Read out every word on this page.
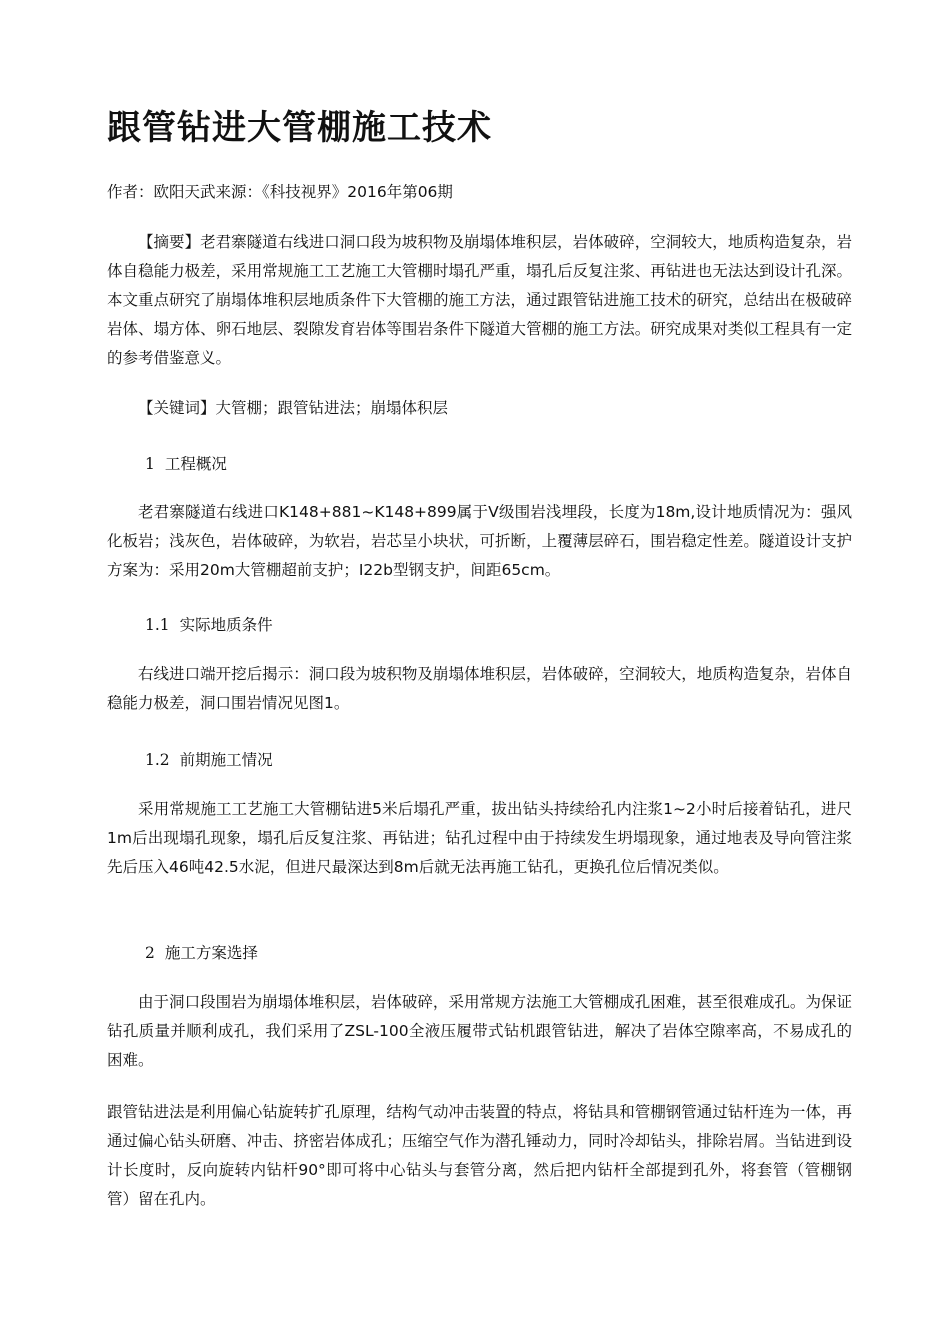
跟管钻进大管棚施工技术
作者：欧阳天武来源：《科技视界》2016年第06期

【摘要】老君寨隧道右线进口洞口段为坡积物及崩塌体堆积层，岩体破碎，空洞较大，地质构造复杂，岩体自稳能力极差，采用常规施工工艺施工大管棚时塌孔严重，塌孔后反复注浆、再钻进也无法达到设计孔深。本文重点研究了崩塌体堆积层地质条件下大管棚的施工方法，通过跟管钻进施工技术的研究，总结出在极破碎岩体、塌方体、卵石地层、裂隙发育岩体等围岩条件下隧道大管棚的施工方法。研究成果对类似工程具有一定的参考借鉴意义。

【关键词】大管棚；跟管钻进法；崩塌体积层

1 工程概况

老君寨隧道右线进口K148+881~K148+899属于V级围岩浅埋段，长度为18m,设计地质情况为：强风化板岩；浅灰色，岩体破碎，为软岩，岩芯呈小块状，可折断，上覆薄层碎石，围岩稳定性差。隧道设计支护方案为：采用20m大管棚超前支护；I22b型钢支护，间距65cm。

1.1 实际地质条件

右线进口端开挖后揭示：洞口段为坡积物及崩塌体堆积层，岩体破碎，空洞较大，地质构造复杂，岩体自稳能力极差，洞口围岩情况见图1。

1.2 前期施工情况

采用常规施工工艺施工大管棚钻进5米后塌孔严重，拔出钻头持续给孔内注浆1~2小时后接着钻孔，进尺1m后出现塌孔现象，塌孔后反复注浆、再钻进；钻孔过程中由于持续发生坍塌现象，通过地表及导向管注浆先后压入46吨42.5水泥，但进尺最深达到8m后就无法再施工钻孔，更换孔位后情况类似。

2 施工方案选择

由于洞口段围岩为崩塌体堆积层，岩体破碎，采用常规方法施工大管棚成孔困难，甚至很难成孔。为保证钻孔质量并顺利成孔，我们采用了ZSL-100全液压履带式钻机跟管钻进，解决了岩体空隙率高，不易成孔的困难。

跟管钻进法是利用偏心钻旋转扩孔原理，结构气动冲击装置的特点，将钻具和管棚钢管通过钻杆连为一体，再通过偏心钻头研磨、冲击、挤密岩体成孔；压缩空气作为潜孔锤动力，同时冷却钻头，排除岩屑。当钻进到设计长度时，反向旋转内钻杆90°即可将中心钻头与套管分离，然后把内钻杆全部提到孔外，将套管（管棚钢管）留在孔内。
